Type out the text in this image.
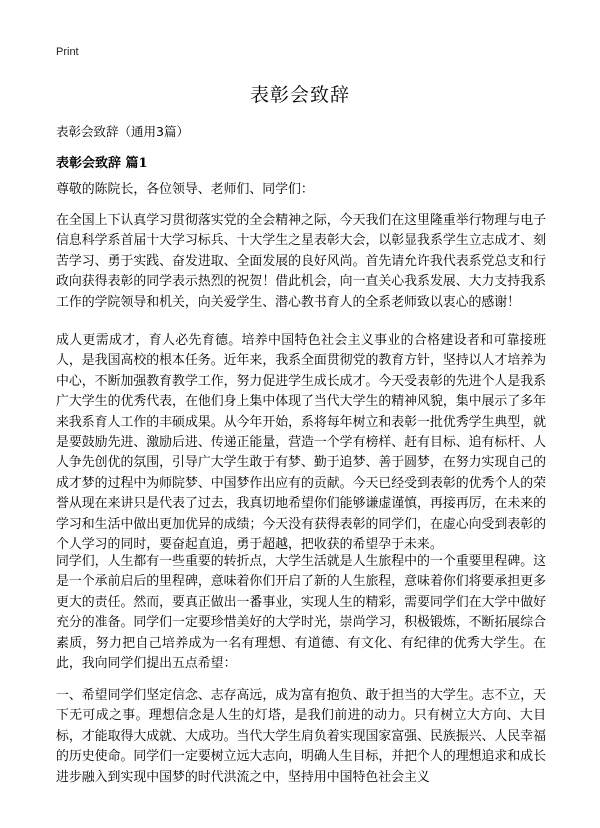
Print
表彰会致辞
表彰会致辞（通用3篇）
表彰会致辞 篇1

尊敬的陈院长，各位领导、老师们、同学们：

在全国上下认真学习贯彻落实党的全会精神之际，今天我们在这里隆重举行物理与电子信息科学系首届十大学习标兵、十大学生之星表彰大会，以彰显我系学生立志成才、刻苦学习、勇于实践、奋发进取、全面发展的良好风尚。首先请允许我代表系党总支和行政向获得表彰的同学表示热烈的祝贺！借此机会，向一直关心我系发展、大力支持我系工作的学院领导和机关，向关爱学生、潜心教书育人的全系老师致以衷心的感谢！

成人更需成才，育人必先育德。培养中国特色社会主义事业的合格建设者和可靠接班人，是我国高校的根本任务。近年来，我系全面贯彻党的教育方针，坚持以人才培养为中心，不断加强教育教学工作，努力促进学生成长成才。今天受表彰的先进个人是我系广大学生的优秀代表，在他们身上集中体现了当代大学生的精神风貌，集中展示了多年来我系育人工作的丰硕成果。从今年开始，系将每年树立和表彰一批优秀学生典型，就是要鼓励先进、激励后进、传递正能量，营造一个学有榜样、赶有目标、追有标杆、人人争先创优的氛围，引导广大学生敢于有梦、勤于追梦、善于圆梦，在努力实现自己的成才梦的过程中为师院梦、中国梦作出应有的贡献。今天已经受到表彰的优秀个人的荣誉从现在来讲只是代表了过去，我真切地希望你们能够谦虚谨慎，再接再厉，在未来的学习和生活中做出更加优异的成绩；今天没有获得表彰的同学们，在虚心向受到表彰的个人学习的同时，要奋起直追，勇于超越，把收获的希望孕于未来。

同学们，人生都有一些重要的转折点，大学生活就是人生旅程中的一个重要里程碑。这是一个承前启后的里程碑，意味着你们开启了新的人生旅程，意味着你们将要承担更多更大的责任。然而，要真正做出一番事业，实现人生的精彩，需要同学们在大学中做好充分的准备。同学们一定要珍惜美好的大学时光，崇尚学习，积极锻炼，不断拓展综合素质，努力把自己培养成为一名有理想、有道德、有文化、有纪律的优秀大学生。在此，我向同学们提出五点希望：

一、希望同学们坚定信念、志存高远，成为富有抱负、敢于担当的大学生。志不立，天下无可成之事。理想信念是人生的灯塔，是我们前进的动力。只有树立大方向、大目标，才能取得大成就、大成功。当代大学生肩负着实现国家富强、民族振兴、人民幸福的历史使命。同学们一定要树立远大志向，明确人生目标，并把个人的理想追求和成长进步融入到实现中国梦的时代洪流之中，坚持用中国特色社会主义
